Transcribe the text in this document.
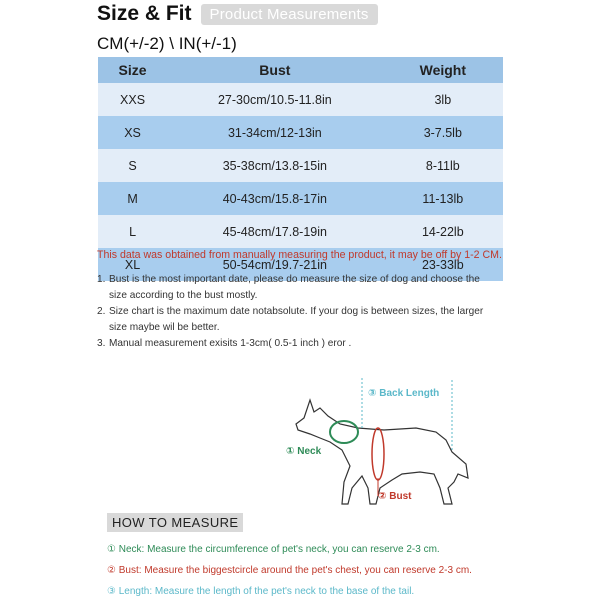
Size & Fit	Product Measurements
CM(+/-2) \ IN(+/-1)
Size	Bust	Weight
XXS	27-30cm/10.5-11.8in	3lb
XS	31-34cm/12-13in	3-7.5lb
S	35-38cm/13.8-15in	8-11lb
M	40-43cm/15.8-17in	11-13lb
L	45-48cm/17.8-19in	14-22lb
XL	50-54cm/19.7-21in	23-33lb
This data was obtained from manually measuring the product, it may be off by 1-2 CM.
1. Bust is the most important date, please do measure the size of dog and choose the
size according to the bust mostly.
2. Size chart is the maximum date notabsolute. If your dog is between sizes, the larger
size maybe wil be better.
3. Manual measurement exisits 1-3cm( 0.5-1 inch ) eror .
③ Back Length
① Neck
② Bust
HOW TO MEASURE
① Neck: Measure the circumference of pet's neck, you can reserve 2-3 cm.
② Bust: Measure the biggestcircle around the pet's chest, you can reserve 2-3 cm.
③ Length: Measure the length of the pet's neck to the base of the tail.
